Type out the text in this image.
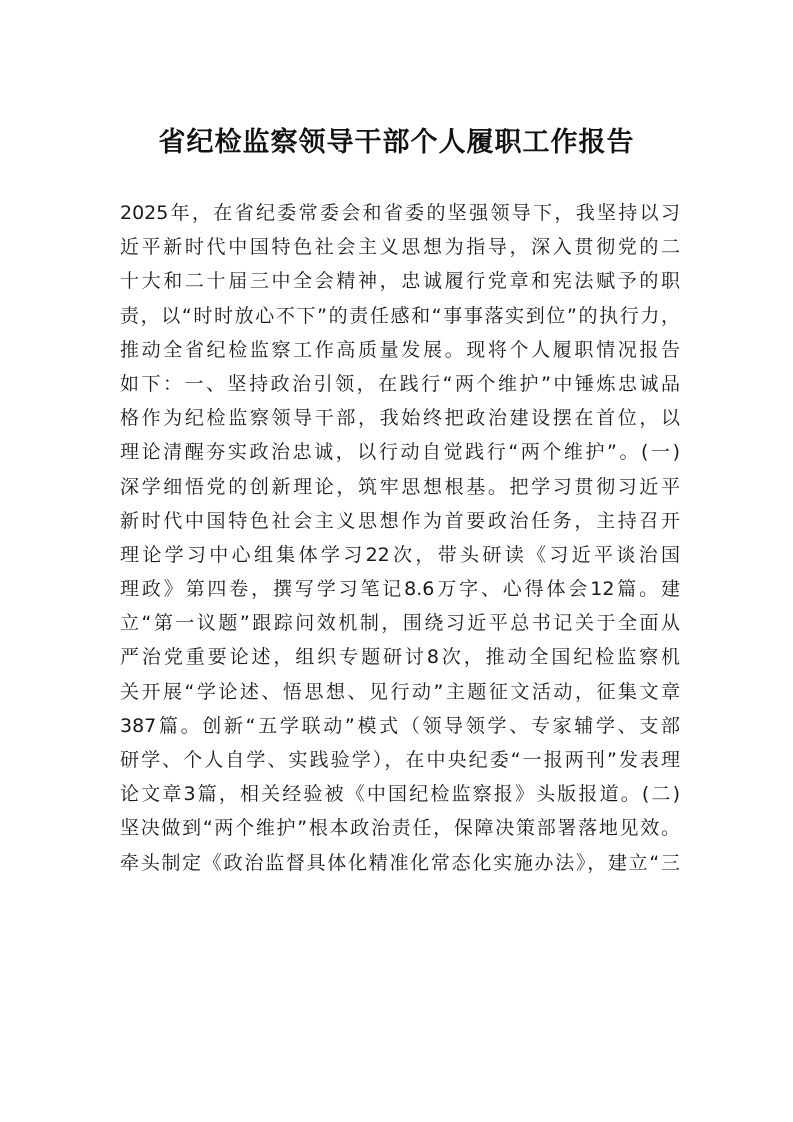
省纪检监察领导干部个人履职工作报告
2025年，在省纪委常委会和省委的坚强领导下，我坚持以习
近平新时代中国特色社会主义思想为指导，深入贯彻党的二
十大和二十届三中全会精神，忠诚履行党章和宪法赋予的职
责，以“时时放心不下”的责任感和“事事落实到位”的执行力，
推动全省纪检监察工作高质量发展。现将个人履职情况报告
如下：一、坚持政治引领，在践行“两个维护”中锤炼忠诚品
格作为纪检监察领导干部，我始终把政治建设摆在首位，以
理论清醒夯实政治忠诚，以行动自觉践行“两个维护”。(一)
深学细悟党的创新理论，筑牢思想根基。把学习贯彻习近平
新时代中国特色社会主义思想作为首要政治任务，主持召开
理论学习中心组集体学习22次，带头研读《习近平谈治国
理政》第四卷，撰写学习笔记8.6万字、心得体会12篇。建
立“第一议题”跟踪问效机制，围绕习近平总书记关于全面从
严治党重要论述，组织专题研讨8次，推动全国纪检监察机
关开展“学论述、悟思想、见行动”主题征文活动，征集文章
387篇。创新“五学联动”模式（领导领学、专家辅学、支部
研学、个人自学、实践验学），在中央纪委“一报两刊”发表理
论文章3篇，相关经验被《中国纪检监察报》头版报道。(二)
坚决做到“两个维护”根本政治责任，保障决策部署落地见效。
牵头制定《政治监督具体化精准化常态化实施办法》，建立“三
